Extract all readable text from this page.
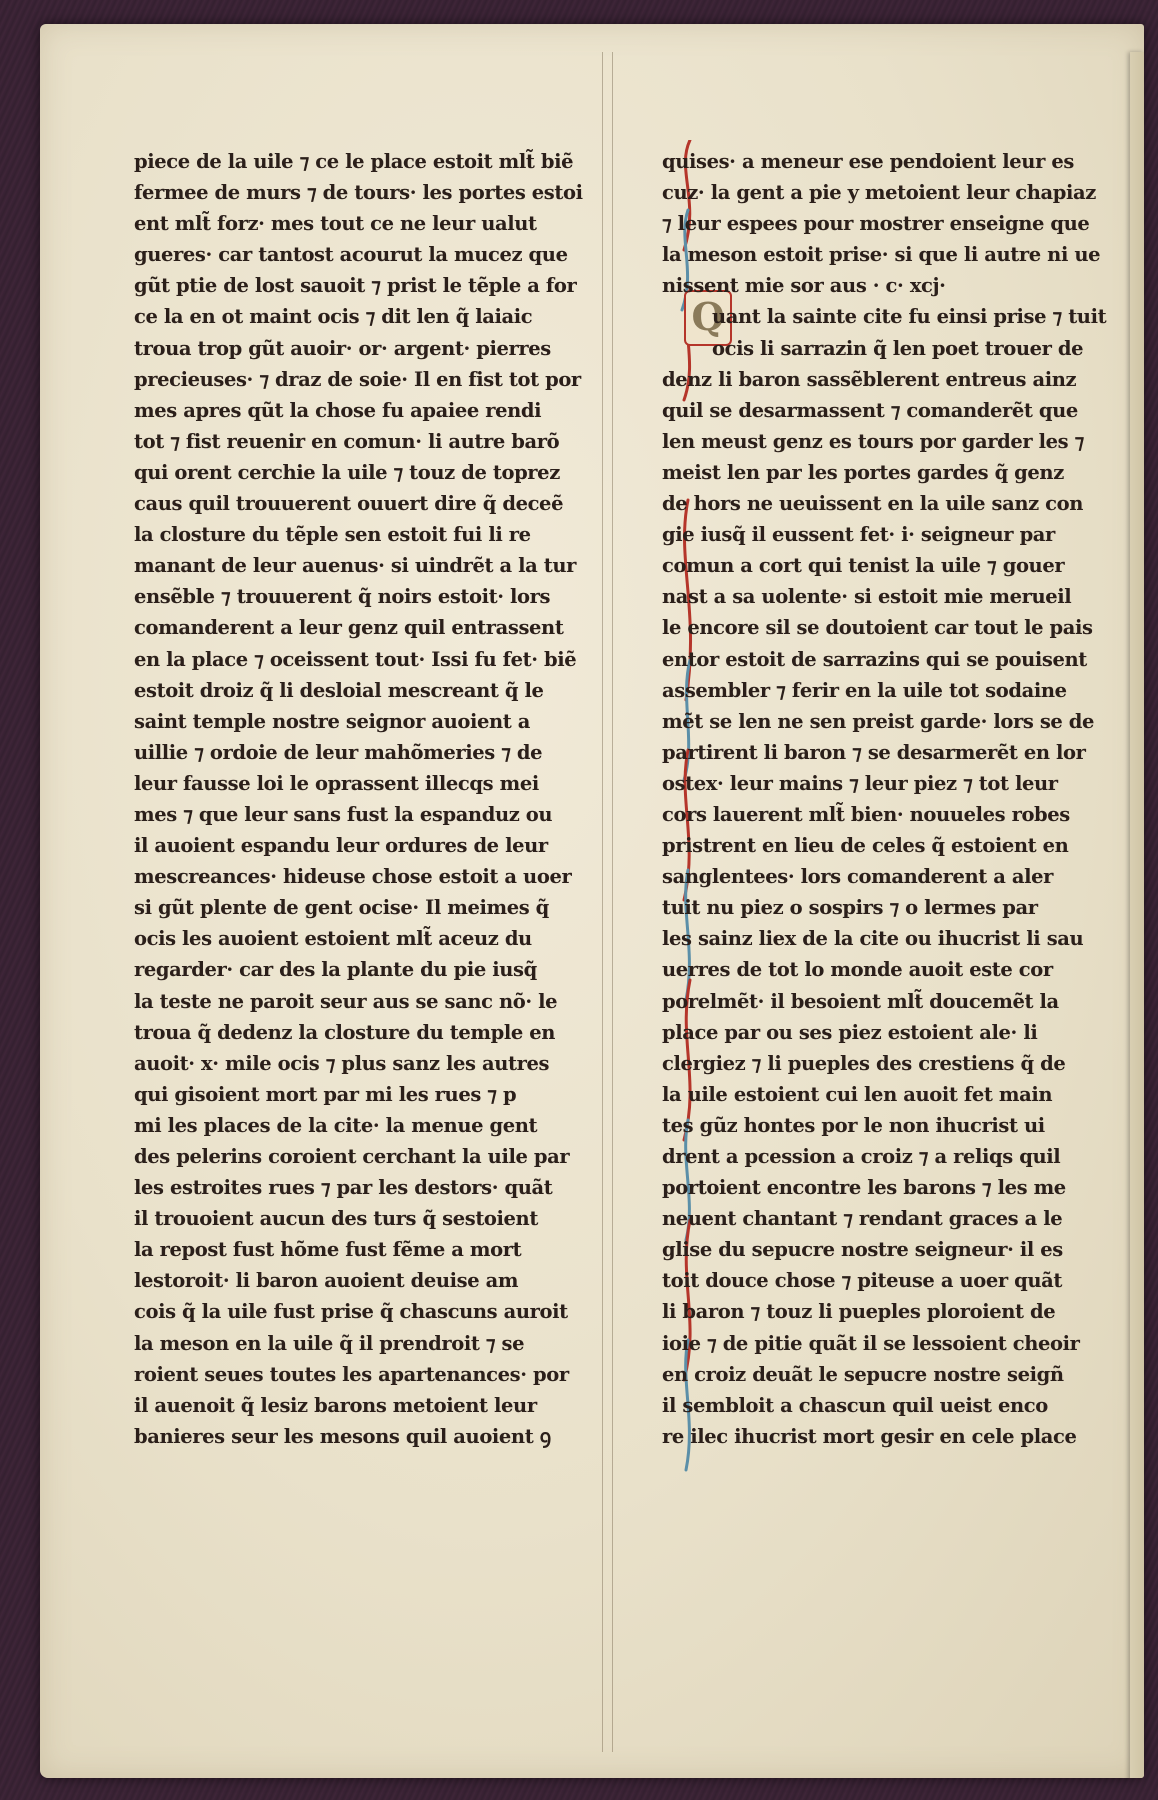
Q
piece de la uile ⁊ ce le place estoit mlt̃ biẽ
fermee de murs ⁊ de tours· les portes estoi
ent mlt̃ forz· mes tout ce ne leur ualut
gueres· car tantost acourut la mucez que
gũt ptie de lost sauoit ⁊ prist le tẽple a for
ce la en ot maint ocis ⁊ dit len q̃ laiaic
troua trop gũt auoir· or· argent· pierres
precieuses· ⁊ draz de soie· Il en fist tot por
mes apres qũt la chose fu apaiee rendi
tot ⁊ fist reuenir en comun· li autre barõ
qui orent cerchie la uile ⁊ touz de toprez
caus quil trouuerent ouuert dire q̃ deceẽ
la closture du tẽple sen estoit fui li re
manant de leur auenus· si uindrẽt a la tur
ensẽble ⁊ trouuerent q̃ noirs estoit· lors
comanderent a leur genz quil entrassent
en la place ⁊ oceissent tout· Issi fu fet· biẽ
estoit droiz q̃ li desloial mescreant q̃ le
saint temple nostre seignor auoient a
uillie ⁊ ordoie de leur mahõmeries ⁊ de
leur fausse loi le oprassent illecqs mei
mes ⁊ que leur sans fust la espanduz ou
il auoient espandu leur ordures de leur
mescreances· hideuse chose estoit a uoer
si gũt plente de gent ocise· Il meimes q̃
ocis les auoient estoient mlt̃ aceuz du
regarder· car des la plante du pie iusq̃
la teste ne paroit seur aus se sanc nõ· le
troua q̃ dedenz la closture du temple en
auoit· x· mile ocis ⁊ plus sanz les autres
qui gisoient mort par mi les rues ⁊ p
mi les places de la cite· la menue gent
des pelerins coroient cerchant la uile par
les estroites rues ⁊ par les destors· quãt
il trouoient aucun des turs q̃ sestoient
la repost fust hõme fust fẽme a mort
lestoroit· li baron auoient deuise am
cois q̃ la uile fust prise q̃ chascuns auroit
la meson en la uile q̃ il prendroit ⁊ se
roient seues toutes les apartenances· por
il auenoit q̃ lesiz barons metoient leur
banieres seur les mesons quil auoient ꝯ
quises· a meneur ese pendoient leur es
cuz· la gent a pie y metoient leur chapiaz
⁊ leur espees pour mostrer enseigne que
la meson estoit prise· si que li autre ni ue
nissent mie sor aus · c· xcj·
uant la sainte cite fu einsi prise ⁊ tuit
ocis li sarrazin q̃ len poet trouer de
denz li baron sassẽblerent entreus ainz
quil se desarmassent ⁊ comanderẽt que
len meust genz es tours por garder les ⁊
meist len par les portes gardes q̃ genz
de hors ne ueuissent en la uile sanz con
gie iusq̃ il eussent fet· i· seigneur par
comun a cort qui tenist la uile ⁊ gouer
nast a sa uolente· si estoit mie merueil
le encore sil se doutoient car tout le pais
entor estoit de sarrazins qui se pouisent
assembler ⁊ ferir en la uile tot sodaine
mẽt se len ne sen preist garde· lors se de
partirent li baron ⁊ se desarmerẽt en lor
ostex· leur mains ⁊ leur piez ⁊ tot leur
cors lauerent mlt̃ bien· nouueles robes
pristrent en lieu de celes q̃ estoient en
sanglentees· lors comanderent a aler
tuit nu piez o sospirs ⁊ o lermes par
les sainz liex de la cite ou ihucrist li sau
uerres de tot lo monde auoit este cor
porelmẽt· il besoient mlt̃ doucemẽt la
place par ou ses piez estoient ale· li
clergiez ⁊ li pueples des crestiens q̃ de
la uile estoient cui len auoit fet main
tes gũz hontes por le non ihucrist ui
drent a pcession a croiz ⁊ a reliqs quil
portoient encontre les barons ⁊ les me
neuent chantant ⁊ rendant graces a le
glise du sepucre nostre seigneur· il es
toit douce chose ⁊ piteuse a uoer quãt
li baron ⁊ touz li pueples ploroient de
ioie ⁊ de pitie quãt il se lessoient cheoir
en croiz deuãt le sepucre nostre seigñ
il sembloit a chascun quil ueist enco
re ilec ihucrist mort gesir en cele place
